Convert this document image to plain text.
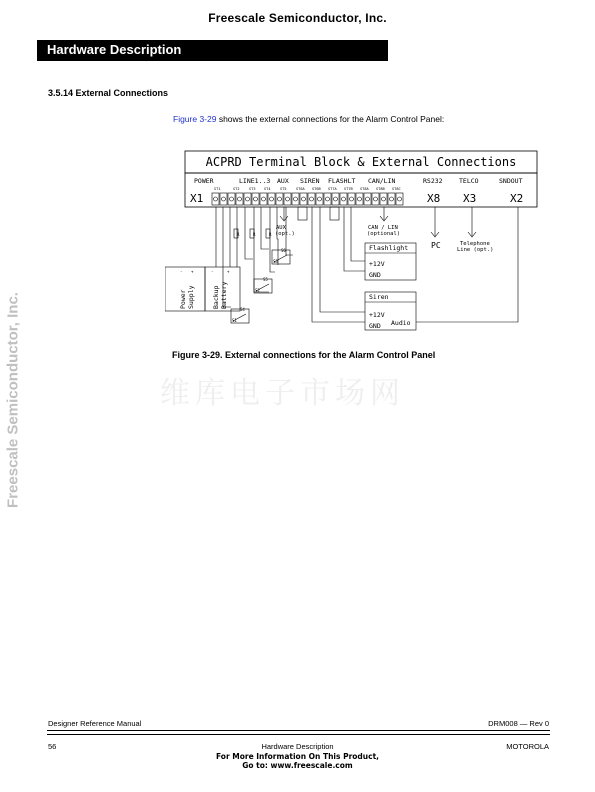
Freescale Semiconductor, Inc.
Hardware Description
3.5.14 External Connections
Figure 3-29 shows the external connections for the Alarm Control Panel:
Freescale Semiconductor, Inc.
ACPRD Terminal Block & External Connections
POWER	LINE1..3 AUX SIREN FLASHLT CAN/LIN	RS232	TELCO	SNDOUT
ST1	ST2	ST3 ST4	ST5	ST6A ST6B ST7A ST7B ST8A ST8B ST8C
X1	X8 X3	X2
AUX
(opt.)
CAN / LIN
(optional)
Telephone
Line (opt.)
Flashlight
+12V
GND
Siren
+12V
GND Audio
R	R	R
S6
S5
S4
S3
S2
S1
- +	-	+
PC
Power Supply	Backup Battery
Figure 3-29. External connections for the Alarm Control Panel
维库电子市场网
Designer Reference Manual	DRM008 — Rev 0
56	Hardware Description	MOTOROLA
For More Information On This Product,
Go to: www.freescale.com
